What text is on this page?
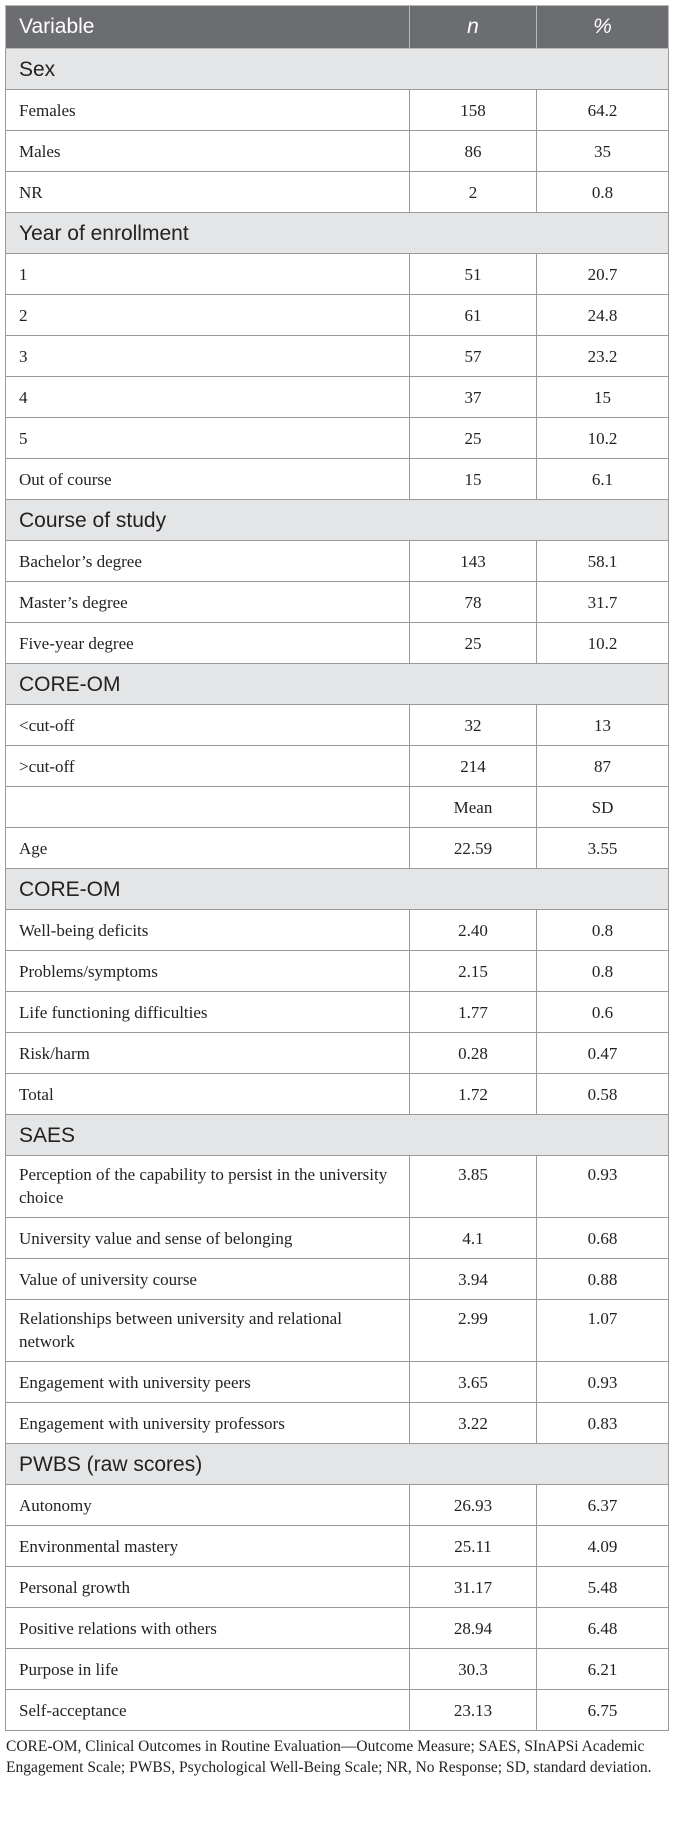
Variable	n	%
Sex		
Females	158	64.2
Males	86	35
NR	2	0.8
Year of enrollment		
1	51	20.7
2	61	24.8
3	57	23.2
4	37	15
5	25	10.2
Out of course	15	6.1
Course of study		
Bachelor’s degree	143	58.1
Master’s degree	78	31.7
Five-year degree	25	10.2
CORE-OM		
<cut-off	32	13
>cut-off	214	87
	Mean	SD
Age	22.59	3.55
CORE-OM		
Well-being deficits	2.40	0.8
Problems/symptoms	2.15	0.8
Life functioning difficulties	1.77	0.6
Risk/harm	0.28	0.47
Total	1.72	0.58
SAES		
Perception of the capability to persist in the university choice	3.85	0.93
University value and sense of belonging	4.1	0.68
Value of university course	3.94	0.88
Relationships between university and relational network	2.99	1.07
Engagement with university peers	3.65	0.93
Engagement with university professors	3.22	0.83
PWBS (raw scores)		
Autonomy	26.93	6.37
Environmental mastery	25.11	4.09
Personal growth	31.17	5.48
Positive relations with others	28.94	6.48
Purpose in life	30.3	6.21
Self-acceptance	23.13	6.75
CORE-OM, Clinical Outcomes in Routine Evaluation—Outcome Measure; SAES, SInAPSi Academic Engagement Scale; PWBS, Psychological Well-Being Scale; NR, No Response; SD, standard deviation.
